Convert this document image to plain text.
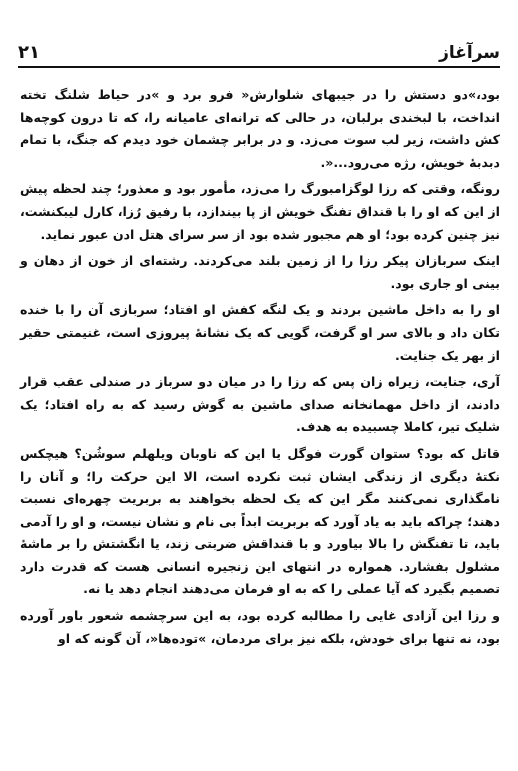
سرآغاز
۲۱

بود،»دو دستش را در جیبهای شلوارش« فرو برد و »در حیاط شلنگ تخته انداخت، با لبخندی برلبان، در حالی که ترانه‌ای عامیانه را، که تا درون کوچه‌ها کش داشت، زیر لب سوت می‌زد. و در برابر چشمان خود دیدم که جنگ، با تمام دبدبهٔ خویش، رژه می‌رود...«.

رونگه، وقتی که رزا لوگزامبورگ را می‌زد، مأمور بود و معذور؛ چند لحظه پیش از این که او را با قنداق تفنگ خویش از پا بیندازد، با رفیق رُزا، کارل لیبکنشت، نیز چنین کرده بود؛ او هم مجبور شده بود از سر سرای هتل ادن عبور نماید.

اینک سربازان پیکر رزا را از زمین بلند می‌کردند. رشته‌ای از خون از دهان و بینی او جاری بود.

او را به داخل ماشین بردند و یک لنگه کفش او افتاد؛ سربازی آن را با خنده تکان داد و بالای سر او گرفت، گویی که یک نشانهٔ پیروزی است، غنیمتی حقیر از بهر یک جنایت.

آری، جنایت، زیراه زان پس که رزا را در میان دو سرباز در صندلی عقب قرار دادند، از داخل مهمانخانه صدای ماشین به گوش رسید که به راه افتاد؛ یک شلیک تیر، کاملا چسبیده به هدف.

قاتل که بود؟ ستوان گورت فوگل یا این که ناوبان ویلهلم سوشُن؟ هیچکس نکتهٔ دیگری از زندگی ایشان ثبت نکرده است، الا این حرکت را؛ و آنان را نامگذاری نمی‌کنند مگر این که یک لحظه بخواهند به بربریت چهره‌ای نسبت دهند؛ چراکه باید به یاد آورد که بربریت ابداً بی نام و نشان نیست، و او را آدمی باید، تا تفنگش را بالا بیاورد و با قنداقش ضربتی زند، یا انگشتش را بر ماشهٔ مشلول بفشارد. همواره در انتهای این زنجیره انسانی هست که قدرت دارد تصمیم بگیرد که آیا عملی را که به او فرمان می‌دهند انجام دهد یا نه.

و رزا این آزادی غایی را مطالبه کرده بود، به این سرچشمه شعور باور آورده بود، نه تنها برای خودش، بلکه نیز برای مردمان، »توده‌ها«، آن گونه که او
